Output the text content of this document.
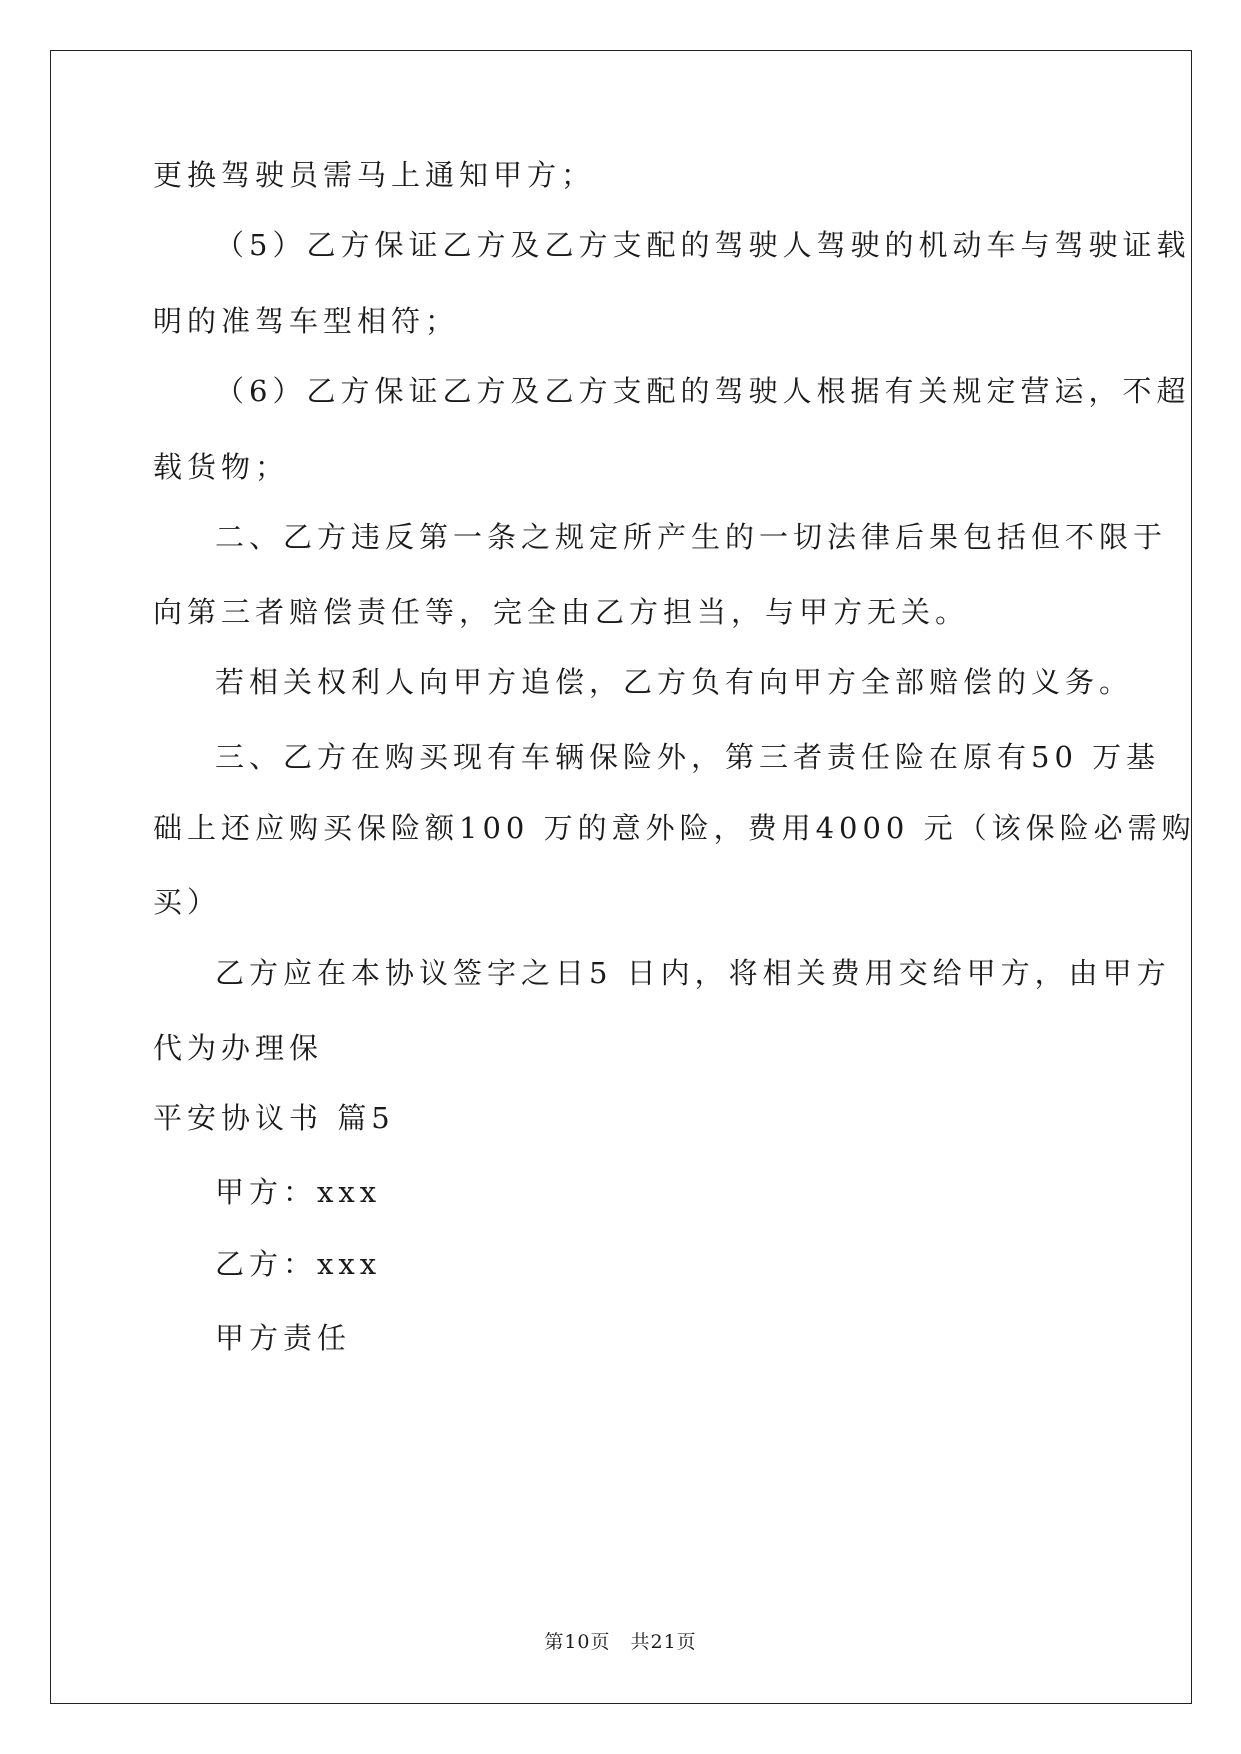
更换驾驶员需马上通知甲方；
（5）乙方保证乙方及乙方支配的驾驶人驾驶的机动车与驾驶证载
明的准驾车型相符；
（6）乙方保证乙方及乙方支配的驾驶人根据有关规定营运，不超
载货物；
二、乙方违反第一条之规定所产生的一切法律后果包括但不限于
向第三者赔偿责任等，完全由乙方担当，与甲方无关。
若相关权利人向甲方追偿，乙方负有向甲方全部赔偿的义务。
三、乙方在购买现有车辆保险外，第三者责任险在原有50 万基
础上还应购买保险额100 万的意外险，费用4000 元（该保险必需购
买）
乙方应在本协议签字之日5 日内，将相关费用交给甲方，由甲方
代为办理保
平安协议书 篇5
甲方：xxx
乙方：xxx
甲方责任
第10页　共21页
